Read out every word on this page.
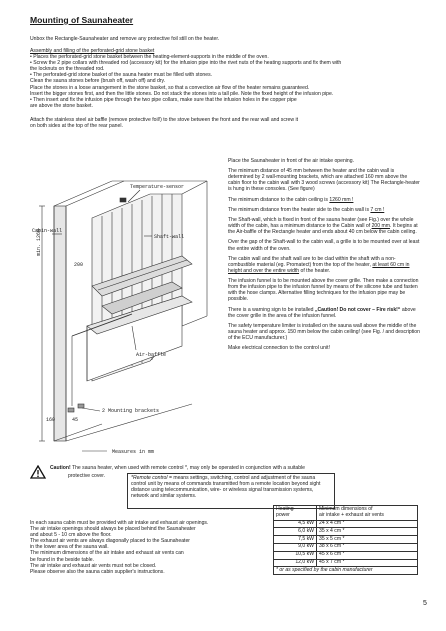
Mounting of Saunaheater
Unbox the Rectangle-Saunaheater and remove any protective foil still on the heater.

Assembly and filling of the perforated-grid stone basket

• Places the perforated-grid stone basket between the heating-element-supports in the middle of the oven.

• Screw the 2 pipe collars with threaded rod (accessory kit) for the infusion pipe into the rivet nuts of the heating supports and fix them with

the locknuts on the threaded rod.

• The perforated-grid stone basket of the sauna heater must be filled with stones.

Clean the sauna stones before (brush off, wash off) and dry.

Place the stones in a loose arrangement in the stone basket, so that a convection air flow of the heater remains guaranteed.

Insert the bigger stones first, and then the little stones. Do not stack the stones into a tall pile. Note the fixed height of the infusion pipe.

• Then insert and fix the infusion pipe through the two pipe collars, make sure that the infusion holes in the copper pipe

are above the stone basket.

Attach the stainless steel air baffle (remove protective foil!) to the stove between the front and the rear wall and screw it

on both sides at the top of the rear panel.

Cabin-wall
Temperature-sensor
Shaft-wall
min. 1260
200
45
160
Air-baffle
2 Mounting brackets
Measures in mm

Place the Saunaheater in front of the air intake opening.

The minimum distance of 45 mm between the heater and the cabin wall is determined by 2 wall-mounting brackets, which are attached 160 mm above the cabin floor to the cabin wall with 3 wood screws (accessory kit) The Rectangle-heater is hung in these consoles. (See figure)

The minimum distance to the cabin ceiling is 1260 mm !

The minimum distance from the heater side to the cabin wall is 7 cm !

The Shaft-wall, which is fixed in front of the sauna heater (see Fig.) over the whole width of the cabin, has a minimum distance to the Cabin wall of 200 mm. It begins at the Air-baffle of the Rectangle heater and ends about 40 cm below the cabin ceiling.

Over the gap of the Shaft-wall to the cabin wall, a grille is to be mounted over at least the entire width of the oven.

The cabin wall and the shaft wall are to be clad within the shaft with a non-combustible material (eg. Promatect) from the top of the heater, at least 60 cm in height and over the entire width of the heater.

The infusion funnel is to be mounted above the cover grille. Then make a connection from the infusion pipe to the infusion funnel by means of the silicone tube and fasten with the hose clamps. Alternative filling techniques for the infusion pipe may be possible.

There is a warning sign to be installed „Caution! Do not cover – Fire risk!“ above the cover grille in the area of the infusion funnel.

The safety temperature limiter is installed on the sauna wall above the middle of the sauna heater and approx. 150 mm below the cabin ceiling! (see Fig. / and description of the ECU manufacturer.)

Make electrical connection to the control unit!

Caution! The sauna heater, when used with remote control *, may only be operated in conjunction with a suitable
protective cover.	*Remote control = means settings, switching, control and adjustment of the sauna control unit by means of commands transmitted from a remote location beyond sight distance using telecommunication, wire- or wireless signal transmission systems, network and similar systems.

In each sauna cabin must be provided with air intake and exhaust air openings.

The air intake openings should always be placed behind the Saunaheater

and about 5 - 10 cm above the floor.

The exhaust air vents are always diagonally placed to the Saunaheater

in the lower area of the sauna wall.

The minimum dimensions of the air intake and exhaust air vents can

be found in the beside table.

The air intake and exhaust air vents must not be closed.

Please observe also the sauna cabin supplier's instructions.

Heating-	Minimum dimensions of
power	air intake + exhaust air vents
4,5 kW	24 x 4 cm *
6,0 kW	35 x 4 cm *
7,5 kW	35 x 5 cm *
9,0 kW	38 x 6 cm *
10,5 kW	45 x 6 cm *
12,0 kW	45 x 7 cm *
* or as specified by the cabin manufacturer	
5
